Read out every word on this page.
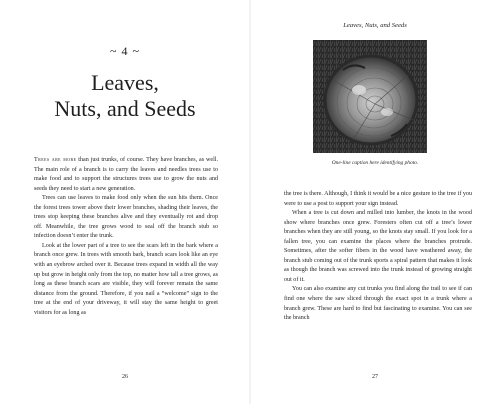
~ 4 ~
Leaves,
Nuts, and Seeds

Trees are more than just trunks, of course. They have branches, as well. The main role of a branch is to carry the leaves and needles trees use to make food and to support the structures trees use to grow the nuts and seeds they need to start a new generation.

Trees can use leaves to make food only when the sun hits them. Once the forest trees tower above their lower branches, shading their leaves, the trees stop keeping these branches alive and they eventually rot and drop off. Meanwhile, the tree grows wood to seal off the branch stub so infection doesn’t enter the trunk.

Look at the lower part of a tree to see the scars left in the bark where a branch once grew. In trees with smooth bark, branch scars look like an eye with an eyebrow arched over it. Because trees expand in width all the way up but grow in height only from the top, no matter how tall a tree grows, as long as these branch scars are visible, they will forever remain the same distance from the ground. Therefore, if you nail a “welcome” sign to the tree at the end of your driveway, it will stay the same height to greet visitors for as long as

26
Leaves, Nuts, and Seeds

the tree is there. Although, I think it would be a nice gesture to the tree if you were to use a post to support your sign instead.

When a tree is cut down and milled into lumber, the knots in the wood show where branches once grew. Foresters often cut off a tree’s lower branches when they are still young, so the knots stay small. If you look for a fallen tree, you can examine the places where the branches protrude. Sometimes, after the softer fibers in the wood have weathered away, the branch stub coming out of the trunk sports a spiral pattern that makes it look as though the branch was screwed into the trunk instead of growing straight out of it.

You can also examine any cut trunks you find along the trail to see if can find one where the saw sliced through the exact spot in a trunk where a branch grew. These are hard to find but fascinating to examine. You can see the branch

27
One-line caption here identifying photo.
